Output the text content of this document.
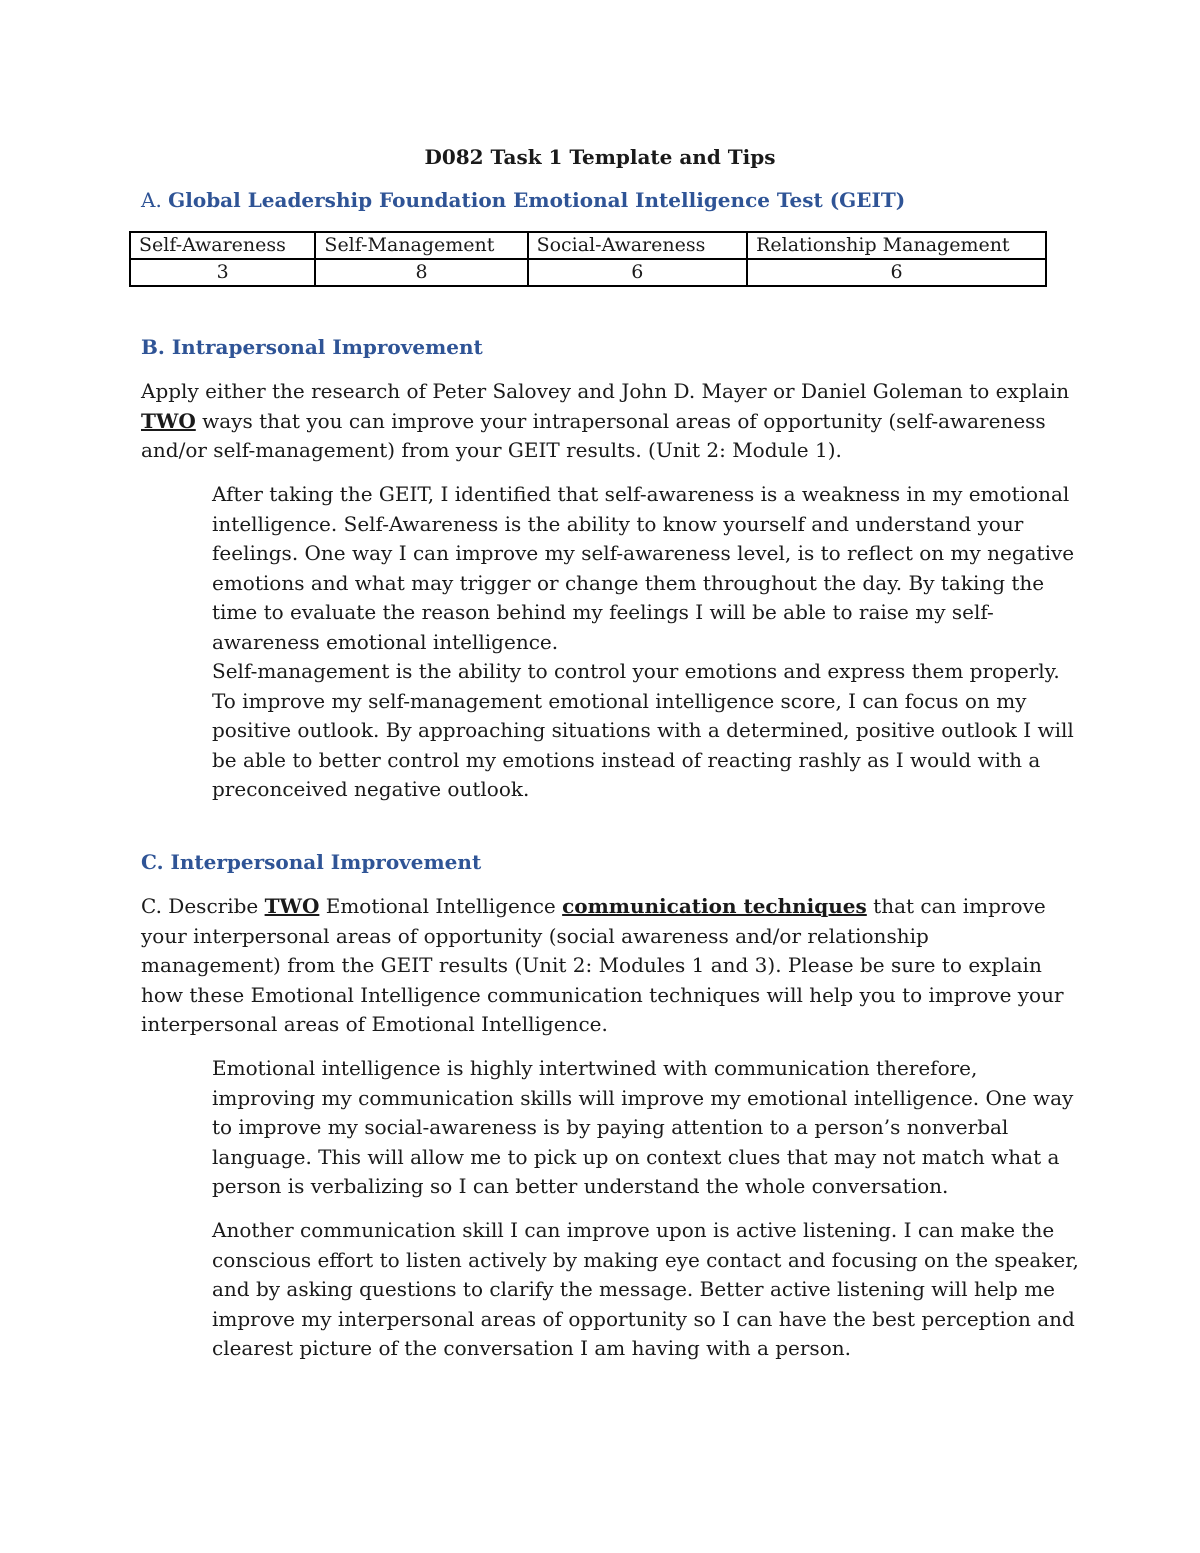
D082 Task 1 Template and Tips
A. Global Leadership Foundation Emotional Intelligence Test (GEIT)
Self-Awareness	Self-Management	Social-Awareness	Relationship Management
3	8	6	6
B. Intrapersonal Improvement

Apply either the research of Peter Salovey and John D. Mayer or Daniel Goleman to explain TWO ways that you can improve your intrapersonal areas of opportunity (self-awareness and/or self-management) from your GEIT results. (Unit 2: Module 1).

After taking the GEIT, I identified that self-awareness is a weakness in my emotional intelligence. Self-Awareness is the ability to know yourself and understand your feelings. One way I can improve my self-awareness level, is to reflect on my negative emotions and what may trigger or change them throughout the day. By taking the time to evaluate the reason behind my feelings I will be able to raise my self-awareness emotional intelligence.

Self-management is the ability to control your emotions and express them properly. To improve my self-management emotional intelligence score, I can focus on my positive outlook. By approaching situations with a determined, positive outlook I will be able to better control my emotions instead of reacting rashly as I would with a preconceived negative outlook.

C. Interpersonal Improvement

C. Describe TWO Emotional Intelligence communication techniques that can improve your interpersonal areas of opportunity (social awareness and/or relationship management) from the GEIT results (Unit 2: Modules 1 and 3). Please be sure to explain how these Emotional Intelligence communication techniques will help you to improve your interpersonal areas of Emotional Intelligence.

Emotional intelligence is highly intertwined with communication therefore, improving my communication skills will improve my emotional intelligence. One way to improve my social-awareness is by paying attention to a person’s nonverbal language. This will allow me to pick up on context clues that may not match what a person is verbalizing so I can better understand the whole conversation.

Another communication skill I can improve upon is active listening. I can make the conscious effort to listen actively by making eye contact and focusing on the speaker, and by asking questions to clarify the message. Better active listening will help me improve my interpersonal areas of opportunity so I can have the best perception and clearest picture of the conversation I am having with a person.
